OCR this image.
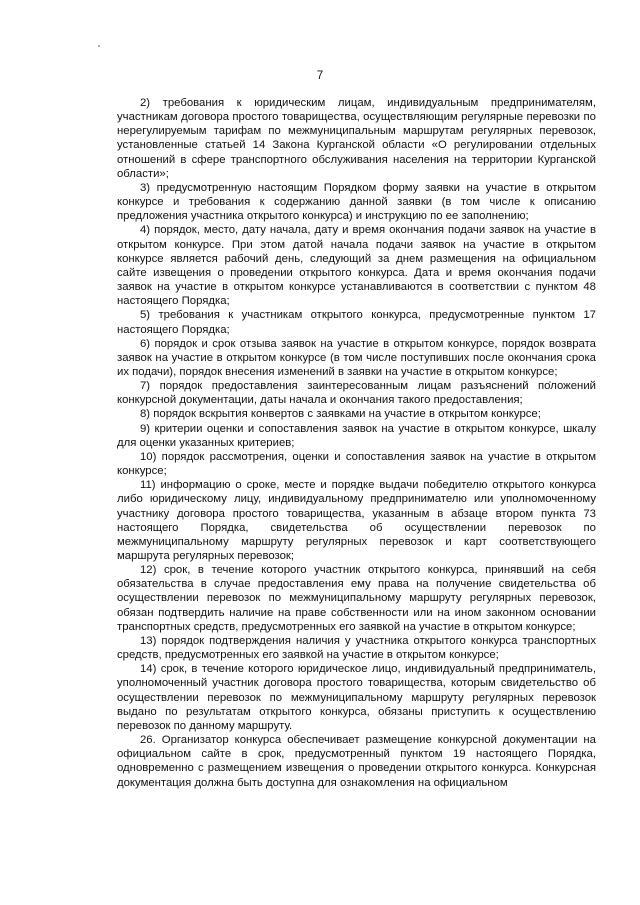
7

2) требования к юридическим лицам, индивидуальным предпринимателям, участникам договора простого товарищества, осуществляющим регулярные перевозки по нерегулируемым тарифам по межмуниципальным маршрутам регулярных перевозок, установленные статьей 14 Закона Курганской области «О регулировании отдельных отношений в сфере транспортного обслуживания населения на территории Курганской области»;

3) предусмотренную настоящим Порядком форму заявки на участие в открытом конкурсе и требования к содержанию данной заявки (в том числе к описанию предложения участника открытого конкурса) и инструкцию по ее заполнению;

4) порядок, место, дату начала, дату и время окончания подачи заявок на участие в открытом конкурсе. При этом датой начала подачи заявок на участие в открытом конкурсе является рабочий день, следующий за днем размещения на официальном сайте извещения о проведении открытого конкурса. Дата и время окончания подачи заявок на участие в открытом конкурсе устанавливаются в соответствии с пунктом 48 настоящего Порядка;

5) требования к участникам открытого конкурса, предусмотренные пунктом 17 настоящего Порядка;

6) порядок и срок отзыва заявок на участие в открытом конкурсе, порядок возврата заявок на участие в открытом конкурсе (в том числе поступивших после окончания срока их подачи), порядок внесения изменений в заявки на участие в открытом конкурсе;

7) порядок предоставления заинтересованным лицам разъяснений положений конкурсной документации, даты начала и окончания такого предоставления;

8) порядок вскрытия конвертов с заявками на участие в открытом конкурсе;

9) критерии оценки и сопоставления заявок на участие в открытом конкурсе, шкалу для оценки указанных критериев;

10) порядок рассмотрения, оценки и сопоставления заявок на участие в открытом конкурсе;

11) информацию о сроке, месте и порядке выдачи победителю открытого конкурса либо юридическому лицу, индивидуальному предпринимателю или уполномоченному участнику договора простого товарищества, указанным в абзаце втором пункта 73 настоящего Порядка, свидетельства об осуществлении перевозок по межмуниципальному маршруту регулярных перевозок и карт соответствующего маршрута регулярных перевозок;

12) срок, в течение которого участник открытого конкурса, принявший на себя обязательства в случае предоставления ему права на получение свидетельства об осуществлении перевозок по межмуниципальному маршруту регулярных перевозок, обязан подтвердить наличие на праве собственности или на ином законном основании транспортных средств, предусмотренных его заявкой на участие в открытом конкурсе;

13) порядок подтверждения наличия у участника открытого конкурса транспортных средств, предусмотренных его заявкой на участие в открытом конкурсе;

14) срок, в течение которого юридическое лицо, индивидуальный предприниматель, уполномоченный участник договора простого товарищества, которым свидетельство об осуществлении перевозок по межмуниципальному маршруту регулярных перевозок выдано по результатам открытого конкурса, обязаны приступить к осуществлению перевозок по данному маршруту.

26. Организатор конкурса обеспечивает размещение конкурсной документации на официальном сайте в срок, предусмотренный пунктом 19 настоящего Порядка, одновременно с размещением извещения о проведении открытого конкурса. Конкурсная документация должна быть доступна для ознакомления на официальном
